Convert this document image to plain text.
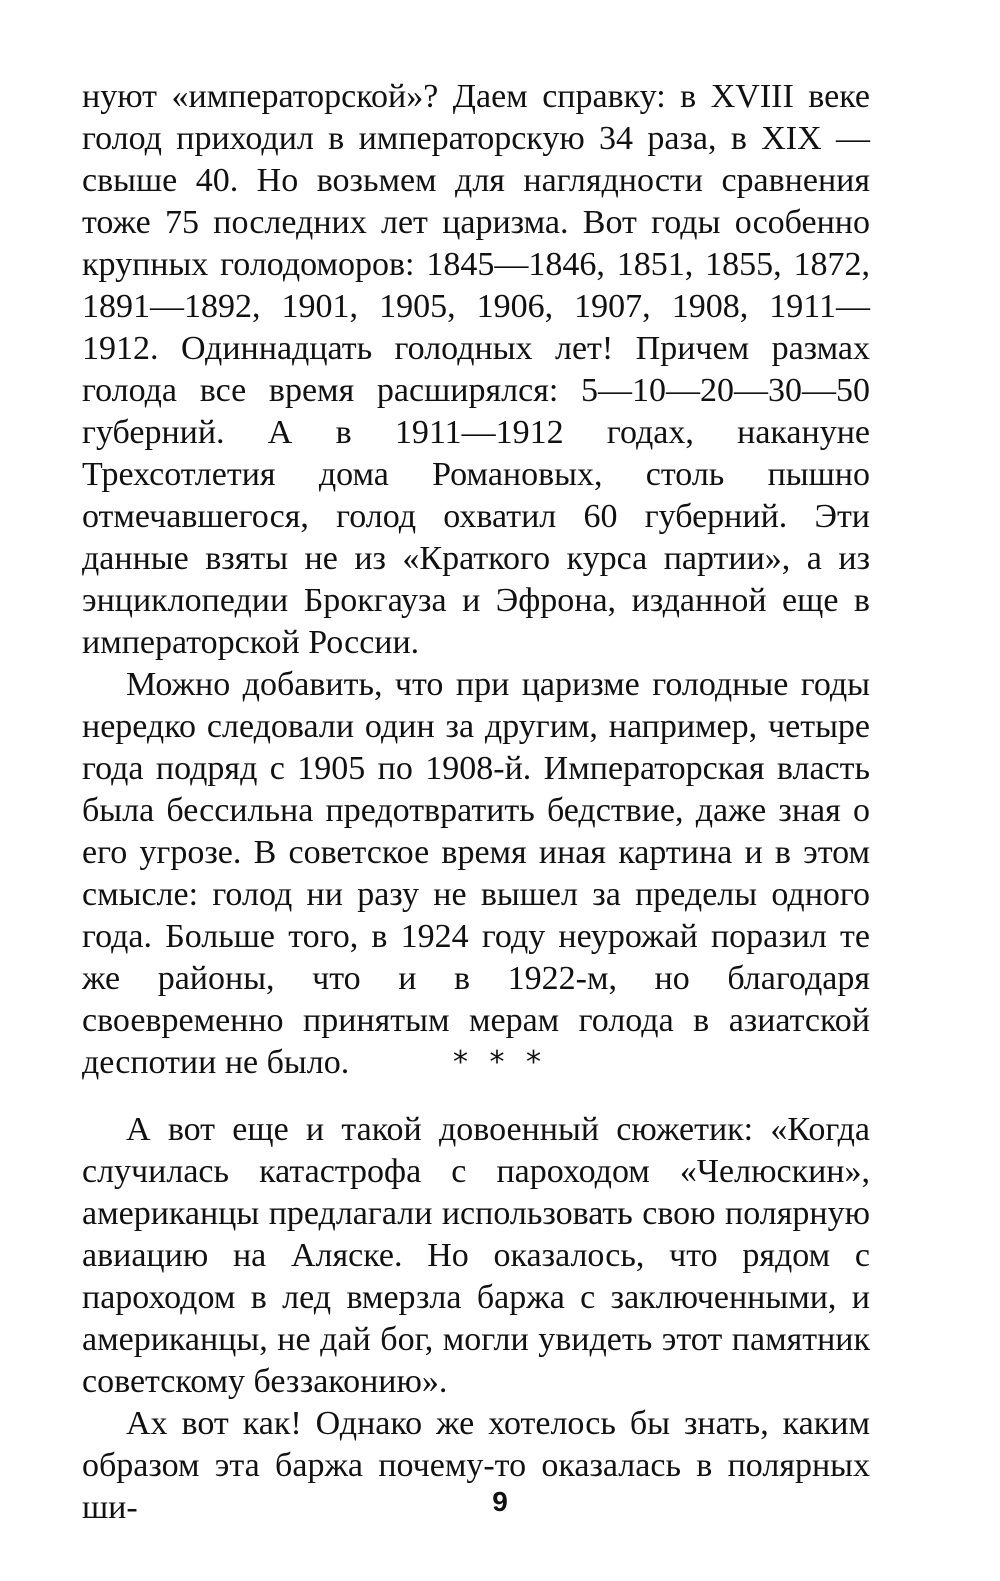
нуют «императорской»? Даем справку: в XVIII веке голод приходил в императорскую 34 раза, в XIX — свыше 40. Но возьмем для наглядности сравнения тоже 75 последних лет царизма. Вот годы особенно крупных голодоморов: 1845—1846, 1851, 1855, 1872, 1891—1892, 1901, 1905, 1906, 1907, 1908, 1911—1912. Одиннадцать голодных лет! Причем размах голода все время расширялся: 5—10—20—30—50 губерний. А в 1911—1912 годах, накануне Трехсотлетия дома Романовых, столь пышно отмечавшегося, голод охватил 60 губерний. Эти данные взяты не из «Краткого курса партии», а из энциклопедии Брокгауза и Эфрона, изданной еще в императорской России.

Можно добавить, что при царизме голодные годы нередко следовали один за другим, например, четыре года подряд с 1905 по 1908-й. Императорская власть была бессильна предотвратить бедствие, даже зная о его угрозе. В советское время иная картина и в этом смысле: голод ни разу не вышел за пределы одного года. Больше того, в 1924 году неурожай поразил те же районы, что и в 1922-м, но благодаря своевременно принятым мерам голода в азиатской деспотии не было.	* * *

А вот еще и такой довоенный сюжетик: «Когда случилась катастрофа с пароходом «Челюскин», американцы предлагали использовать свою полярную авиацию на Аляске. Но оказалось, что рядом с пароходом в лед вмерзла баржа с заключенными, и американцы, не дай бог, могли увидеть этот памятник советскому беззаконию».

Ах вот как! Однако же хотелось бы знать, каким образом эта баржа почему-то оказалась в полярных ши-	9
